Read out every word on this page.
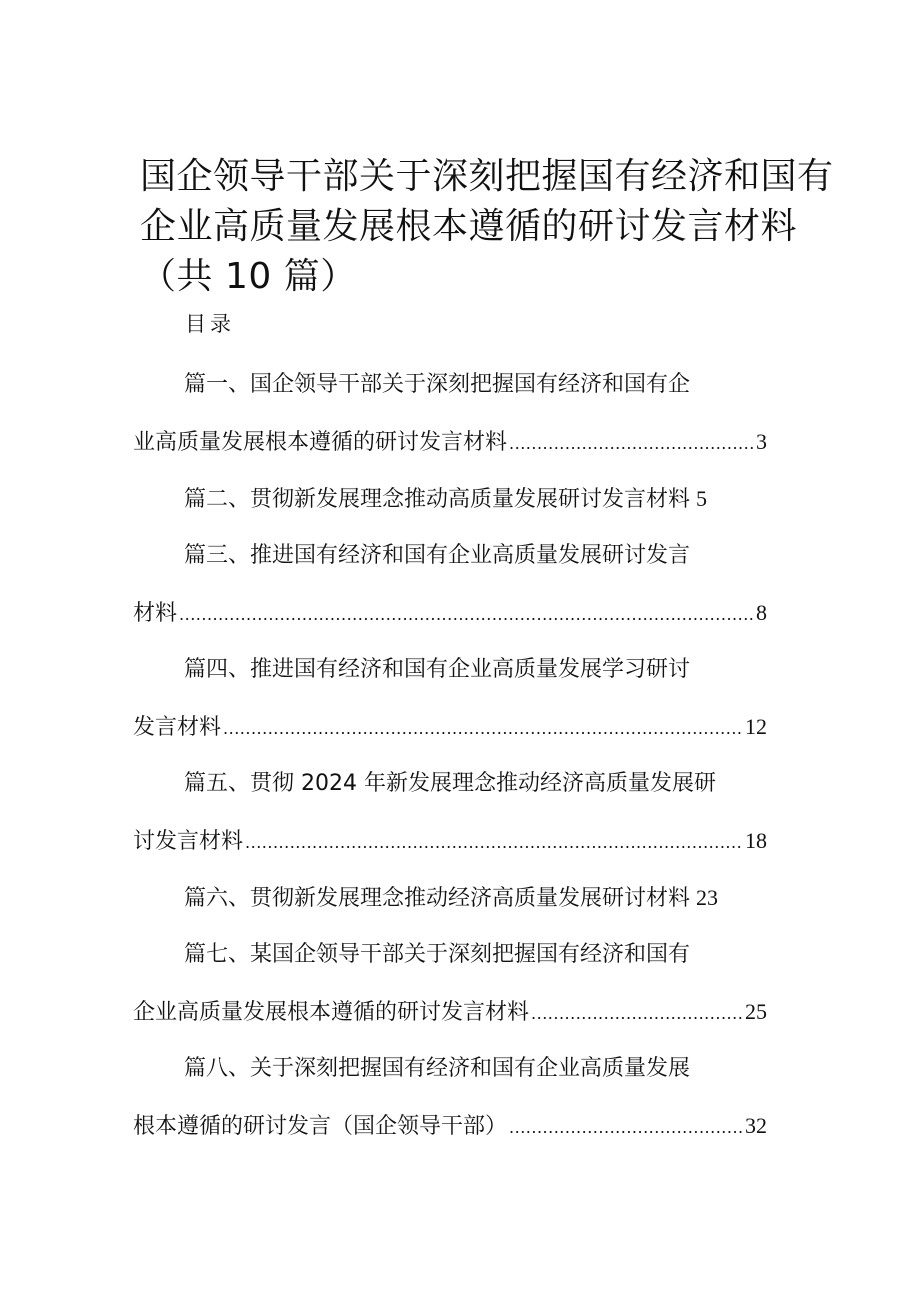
国企领导干部关于深刻把握国有经济和国有
企业高质量发展根本遵循的研讨发言材料
（共 10 篇）
目录
篇一、国企领导干部关于深刻把握国有经济和国有企
业高质量发展根本遵循的研讨发言材料 .....	3
篇二、贯彻新发展理念推动高质量发展研讨发言材料 5
篇三、推进国有经济和国有企业高质量发展研讨发言
材料 .....	8
篇四、推进国有经济和国有企业高质量发展学习研讨
发言材料 .....	12
篇五、贯彻 2024 年新发展理念推动经济高质量发展研
讨发言材料 .....	18
篇六、贯彻新发展理念推动经济高质量发展研讨材料 23
篇七、某国企领导干部关于深刻把握国有经济和国有
企业高质量发展根本遵循的研讨发言材料 .....	25
篇八、关于深刻把握国有经济和国有企业高质量发展
根本遵循的研讨发言（国企领导干部） .....	32
